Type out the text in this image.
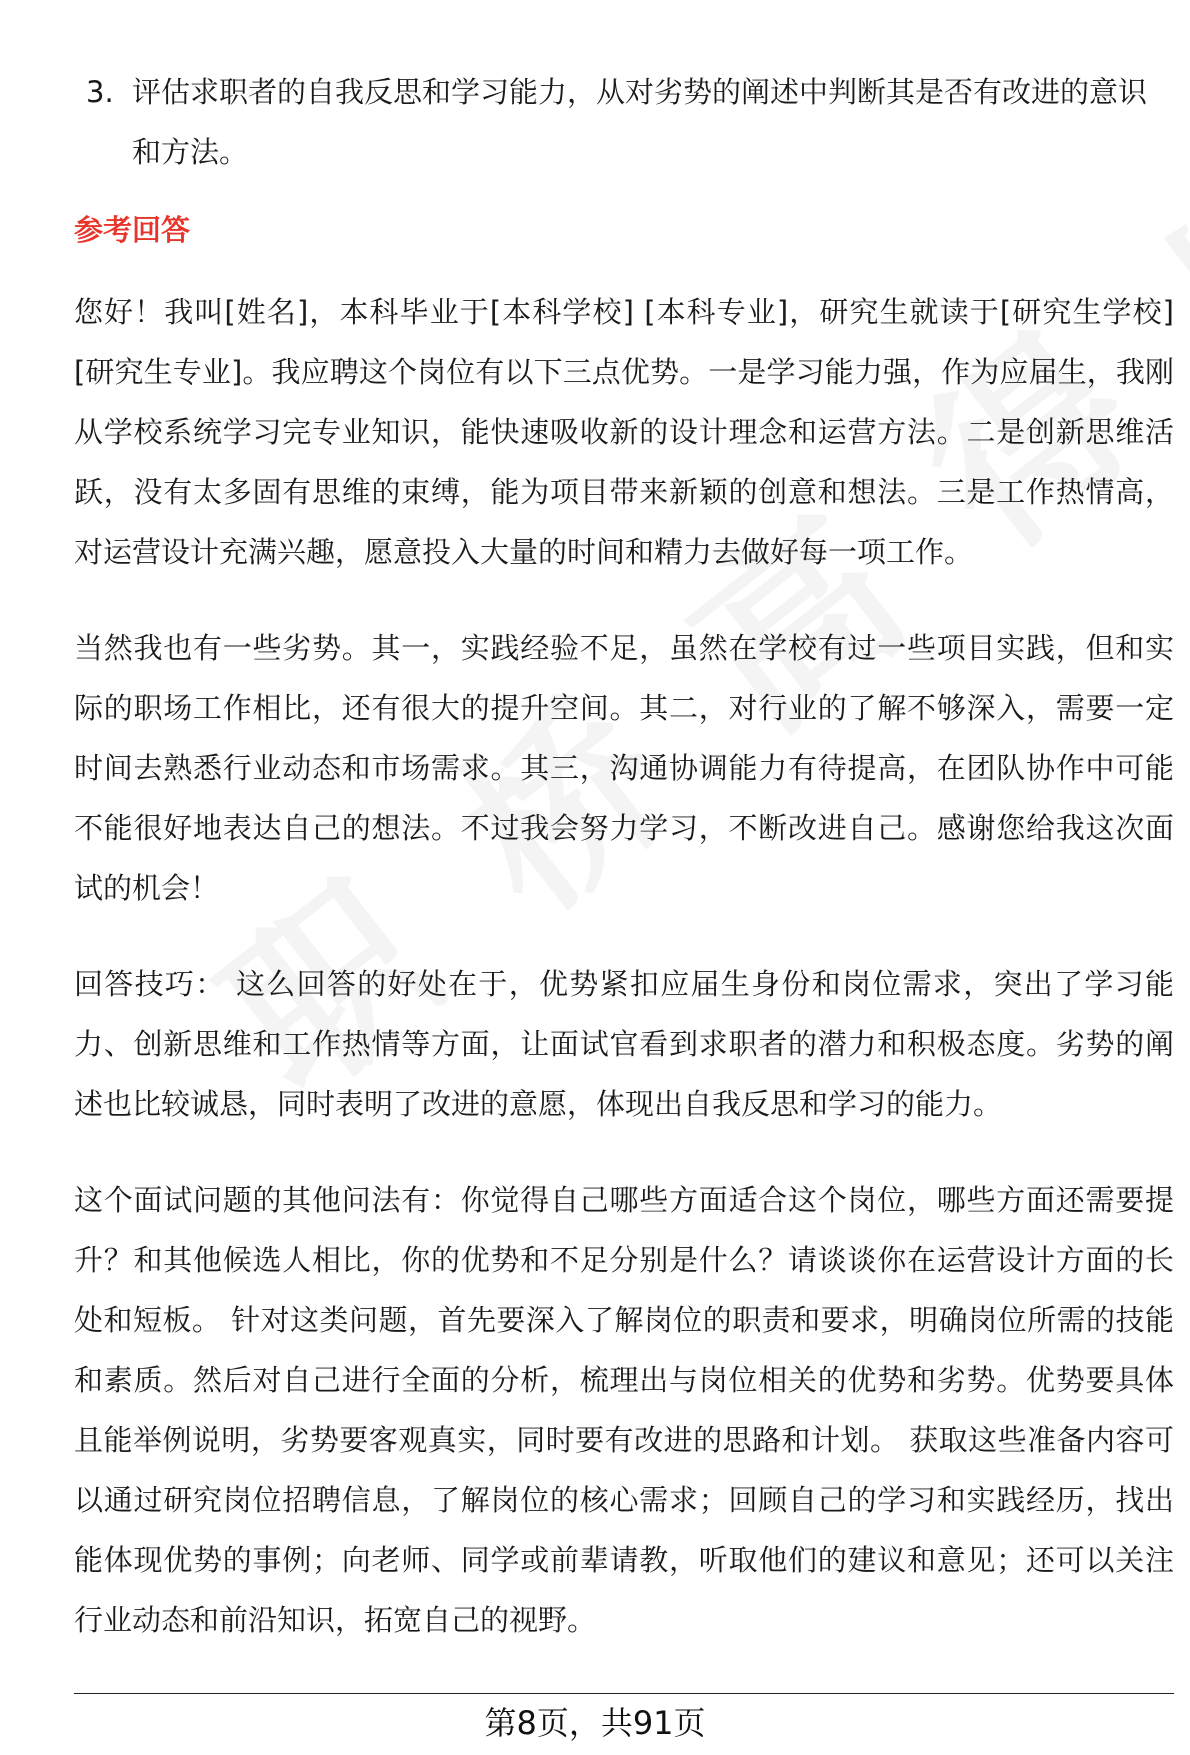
3. 评估求职者的自我反思和学习能力，从对劣势的阐述中判断其是否有改进的意识和方法。
参考回答

您好！我叫[姓名]，本科毕业于[本科学校] [本科专业]，研究生就读于[研究生学校] [研究生专业]。我应聘这个岗位有以下三点优势。一是学习能力强，作为应届生，我刚从学校系统学习完专业知识，能快速吸收新的设计理念和运营方法。二是创新思维活跃，没有太多固有思维的束缚，能为项目带来新颖的创意和想法。三是工作热情高，对运营设计充满兴趣，愿意投入大量的时间和精力去做好每一项工作。

当然我也有一些劣势。其一，实践经验不足，虽然在学校有过一些项目实践，但和实际的职场工作相比，还有很大的提升空间。其二，对行业的了解不够深入，需要一定时间去熟悉行业动态和市场需求。其三，沟通协调能力有待提高，在团队协作中可能不能很好地表达自己的想法。不过我会努力学习，不断改进自己。感谢您给我这次面试的机会！

回答技巧： 这么回答的好处在于，优势紧扣应届生身份和岗位需求，突出了学习能力、创新思维和工作热情等方面，让面试官看到求职者的潜力和积极态度。劣势的阐述也比较诚恳，同时表明了改进的意愿，体现出自我反思和学习的能力。

这个面试问题的其他问法有：你觉得自己哪些方面适合这个岗位，哪些方面还需要提升？和其他候选人相比，你的优势和不足分别是什么？请谈谈你在运营设计方面的长处和短板。 针对这类问题，首先要深入了解岗位的职责和要求，明确岗位所需的技能和素质。然后对自己进行全面的分析，梳理出与岗位相关的优势和劣势。优势要具体且能举例说明，劣势要客观真实，同时要有改进的思路和计划。 获取这些准备内容可以通过研究岗位招聘信息，了解岗位的核心需求；回顾自己的学习和实践经历，找出能体现优势的事例；向老师、同学或前辈请教，听取他们的建议和意见；还可以关注行业动态和前沿知识，拓宽自己的视野。

第8页，共91页
